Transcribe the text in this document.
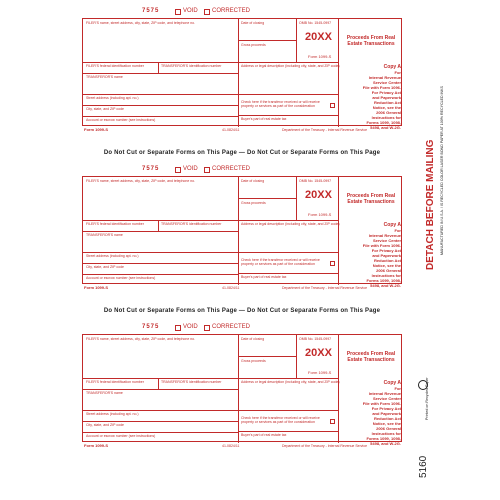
7575	VOID CORRECTED
FILER'S name, street address, city, state, ZIP code, and telephone no.	Date of closing
Gross proceeds
OMB No. 1545-0997
20XX
Form 1099-S
Proceeds From Real Estate Transactions
FILER'S federal identification number	TRANSFEROR'S identification number	Address or legal description (including city, state, and ZIP code)
TRANSFEROR'S name
Street address (including apt. no.)
City, state, and ZIP code
Account or escrow number (see instructions)
Check here if the transferor received or will receive property or services as part of the consideration
Buyer's part of real estate tax
Copy A
For
Internal Revenue
Service Center
File with Form 1096.
For Privacy Act
and Paperwork
Reduction Act
Notice, see the
2006 General
Instructions for
Forms 1099, 1098,
5498, and W-2G.
Form 1099-S	41-0824/11	Department of the Treasury - Internal Revenue Service
Do Not Cut or Separate Forms on This Page — Do Not Cut or Separate Forms on This Page
7575	VOID CORRECTED
FILER'S name, street address, city, state, ZIP code, and telephone no.	Date of closing
Gross proceeds
OMB No. 1545-0997
20XX
Form 1099-S
Proceeds From Real Estate Transactions
FILER'S federal identification number	TRANSFEROR'S identification number	Address or legal description (including city, state, and ZIP code)
TRANSFEROR'S name
Street address (including apt. no.)
City, state, and ZIP code
Account or escrow number (see instructions)
Check here if the transferor received or will receive property or services as part of the consideration
Buyer's part of real estate tax
Copy A
For
Internal Revenue
Service Center
File with Form 1096.
For Privacy Act
and Paperwork
Reduction Act
Notice, see the
2006 General
Instructions for
Forms 1099, 1098,
5498, and W-2G.
Form 1099-S	41-0824/11	Department of the Treasury - Internal Revenue Service
Do Not Cut or Separate Forms on This Page — Do Not Cut or Separate Forms on This Page
7575	VOID CORRECTED
FILER'S name, street address, city, state, ZIP code, and telephone no.	Date of closing
Gross proceeds
OMB No. 1545-0997
20XX
Form 1099-S
Proceeds From Real Estate Transactions
FILER'S federal identification number	TRANSFEROR'S identification number	Address or legal description (including city, state, and ZIP code)
TRANSFEROR'S name
Street address (including apt. no.)
City, state, and ZIP code
Account or escrow number (see instructions)
Check here if the transferor received or will receive property or services as part of the consideration
Buyer's part of real estate tax
Copy A
For
Internal Revenue
Service Center
File with Form 1096.
For Privacy Act
and Paperwork
Reduction Act
Notice, see the
2006 General
Instructions for
Forms 1099, 1098,
5498, and W-2G.
Form 1099-S	41-0824/11	Department of the Treasury - Internal Revenue Service
DETACH BEFORE MAILING MANUFACTURED IN U.S.A. / IS RECYCLED COLOR LASER BOND PAPER AT 100% RECYCLED INKS
Printed on Recycled Paper
5160
